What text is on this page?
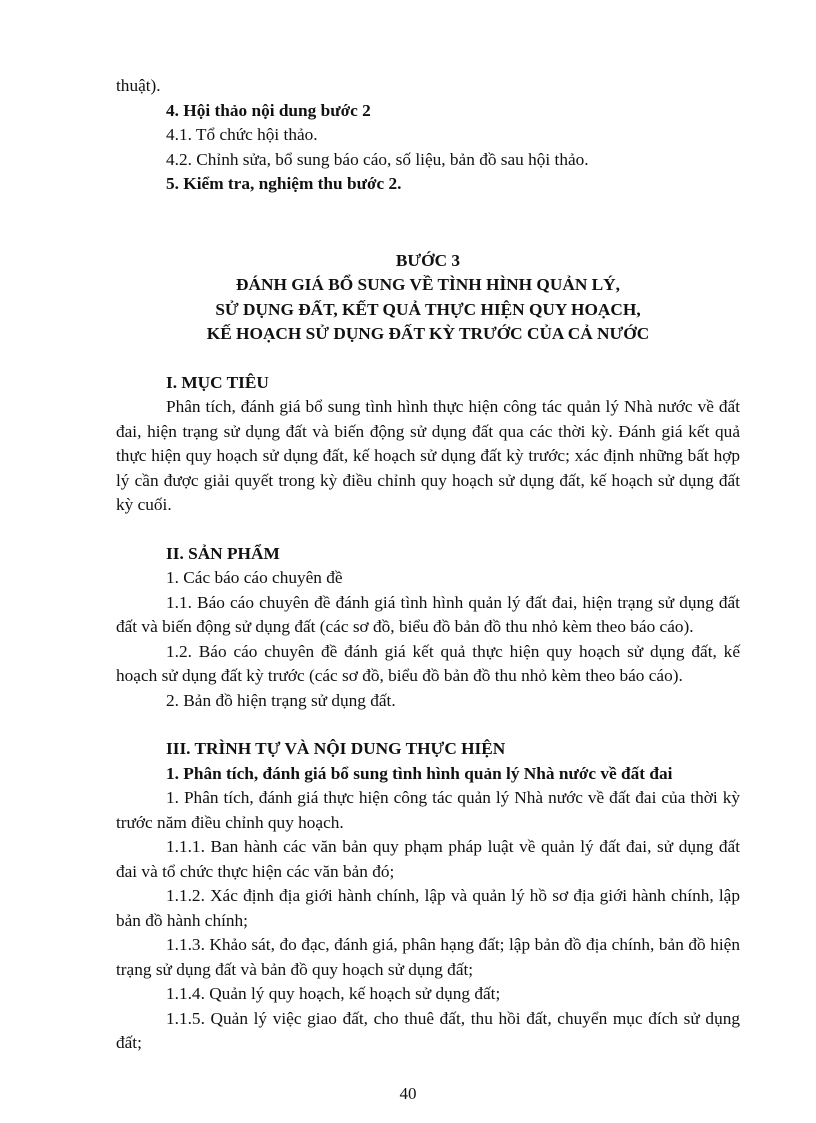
thuật).

4. Hội thảo nội dung bước 2

4.1. Tổ chức hội thảo.

4.2. Chỉnh sửa, bổ sung báo cáo, số liệu, bản đồ sau hội thảo.

5. Kiểm tra, nghiệm thu bước 2.

BƯỚC 3

ĐÁNH GIÁ BỔ SUNG VỀ TÌNH HÌNH QUẢN LÝ,

SỬ DỤNG ĐẤT, KẾT QUẢ THỰC HIỆN QUY HOẠCH,

KẾ HOẠCH SỬ DỤNG ĐẤT KỲ TRƯỚC CỦA CẢ NƯỚC

I. MỤC TIÊU

Phân tích, đánh giá bổ sung tình hình thực hiện công tác quản lý Nhà nước về đất đai, hiện trạng sử dụng đất và biến động sử dụng đất qua các thời kỳ. Đánh giá kết quả thực hiện quy hoạch sử dụng đất, kế hoạch sử dụng đất kỳ trước; xác định những bất hợp lý cần được giải quyết trong kỳ điều chỉnh quy hoạch sử dụng đất, kế hoạch sử dụng đất kỳ cuối.

II. SẢN PHẨM

1. Các báo cáo chuyên đề

1.1. Báo cáo chuyên đề đánh giá tình hình quản lý đất đai, hiện trạng sử dụng đất đất và biến động sử dụng đất (các sơ đồ, biểu đồ bản đồ thu nhỏ kèm theo báo cáo).

1.2. Báo cáo chuyên đề đánh giá kết quả thực hiện quy hoạch sử dụng đất, kế hoạch sử dụng đất kỳ trước (các sơ đồ, biểu đồ bản đồ thu nhỏ kèm theo báo cáo).

2. Bản đồ hiện trạng sử dụng đất.

III. TRÌNH TỰ VÀ NỘI DUNG THỰC HIỆN

1. Phân tích, đánh giá bổ sung tình hình quản lý Nhà nước về đất đai

1. Phân tích, đánh giá thực hiện công tác quản lý Nhà nước về đất đai của thời kỳ trước năm điều chỉnh quy hoạch.

1.1.1. Ban hành các văn bản quy phạm pháp luật về quản lý đất đai, sử dụng đất đai và tổ chức thực hiện các văn bản đó;

1.1.2. Xác định địa giới hành chính, lập và quản lý hồ sơ địa giới hành chính, lập bản đồ hành chính;

1.1.3. Khảo sát, đo đạc, đánh giá, phân hạng đất; lập bản đồ địa chính, bản đồ hiện trạng sử dụng đất và bản đồ quy hoạch sử dụng đất;

1.1.4. Quản lý quy hoạch, kế hoạch sử dụng đất;

1.1.5. Quản lý việc giao đất, cho thuê đất, thu hồi đất, chuyển mục đích sử dụng đất;

40
